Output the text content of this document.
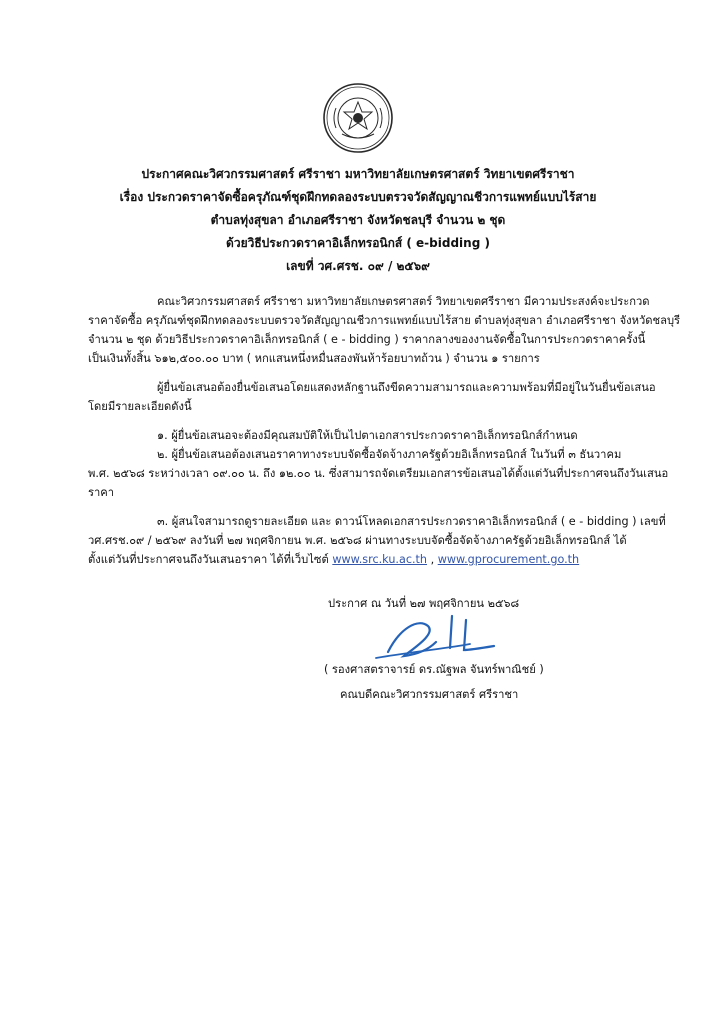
ประกาศคณะวิศวกรรมศาสตร์ ศรีราชา มหาวิทยาลัยเกษตรศาสตร์ วิทยาเขตศรีราชา
เรื่อง ประกวดราคาจัดซื้อครุภัณฑ์ชุดฝึกทดลองระบบตรวจวัดสัญญาณชีวการแพทย์แบบไร้สาย
ตำบลทุ่งสุขลา อำเภอศรีราชา จังหวัดชลบุรี จำนวน ๒ ชุด
ด้วยวิธีประกวดราคาอิเล็กทรอนิกส์ ( e-bidding )
เลขที่ วศ.ศรช. ๐๙ / ๒๕๖๙
คณะวิศวกรรมศาสตร์ ศรีราชา มหาวิทยาลัยเกษตรศาสตร์ วิทยาเขตศรีราชา มีความประสงค์จะประกวด
ราคาจัดซื้อ ครุภัณฑ์ชุดฝึกทดลองระบบตรวจวัดสัญญาณชีวการแพทย์แบบไร้สาย ตำบลทุ่งสุขลา อำเภอศรีราชา จังหวัดชลบุรี
จำนวน ๒ ชุด ด้วยวิธีประกวดราคาอิเล็กทรอนิกส์ ( e - bidding ) ราคากลางของงานจัดซื้อในการประกวดราคาครั้งนี้
เป็นเงินทั้งสิ้น ๖๑๒,๕๐๐.๐๐ บาท ( หกแสนหนึ่งหมื่นสองพันห้าร้อยบาทถ้วน ) จำนวน ๑ รายการ
ผู้ยื่นข้อเสนอต้องยื่นข้อเสนอโดยแสดงหลักฐานถึงขีดความสามารถและความพร้อมที่มีอยู่ในวันยื่นข้อเสนอ
โดยมีรายละเอียดดังนี้
๑. ผู้ยื่นข้อเสนอจะต้องมีคุณสมบัติให้เป็นไปตาเอกสารประกวดราคาอิเล็กทรอนิกส์กำหนด
๒. ผู้ยื่นข้อเสนอต้องเสนอราคาทางระบบจัดซื้อจัดจ้างภาครัฐด้วยอิเล็กทรอนิกส์ ในวันที่ ๓ ธันวาคม
พ.ศ. ๒๕๖๘ ระหว่างเวลา ๐๙.๐๐ น. ถึง ๑๒.๐๐ น. ซึ่งสามารถจัดเตรียมเอกสารข้อเสนอได้ตั้งแต่วันที่ประกาศจนถึงวันเสนอ
ราคา
๓. ผู้สนใจสามารถดูรายละเอียด และ ดาวน์โหลดเอกสารประกวดราคาอิเล็กทรอนิกส์ ( e - bidding ) เลขที่
วศ.ศรช.๐๙ / ๒๕๖๙ ลงวันที่ ๒๗ พฤศจิกายน พ.ศ. ๒๕๖๘ ผ่านทางระบบจัดซื้อจัดจ้างภาครัฐด้วยอิเล็กทรอนิกส์ ได้
ตั้งแต่วันที่ประกาศจนถึงวันเสนอราคา ได้ที่เว็บไซต์ www.src.ku.ac.th , www.gprocurement.go.th
ประกาศ ณ วันที่ ๒๗ พฤศจิกายน ๒๕๖๘
( รองศาสตราจารย์ ดร.ณัฐพล จันทร์พาณิชย์ )
คณบดีคณะวิศวกรรมศาสตร์ ศรีราชา
